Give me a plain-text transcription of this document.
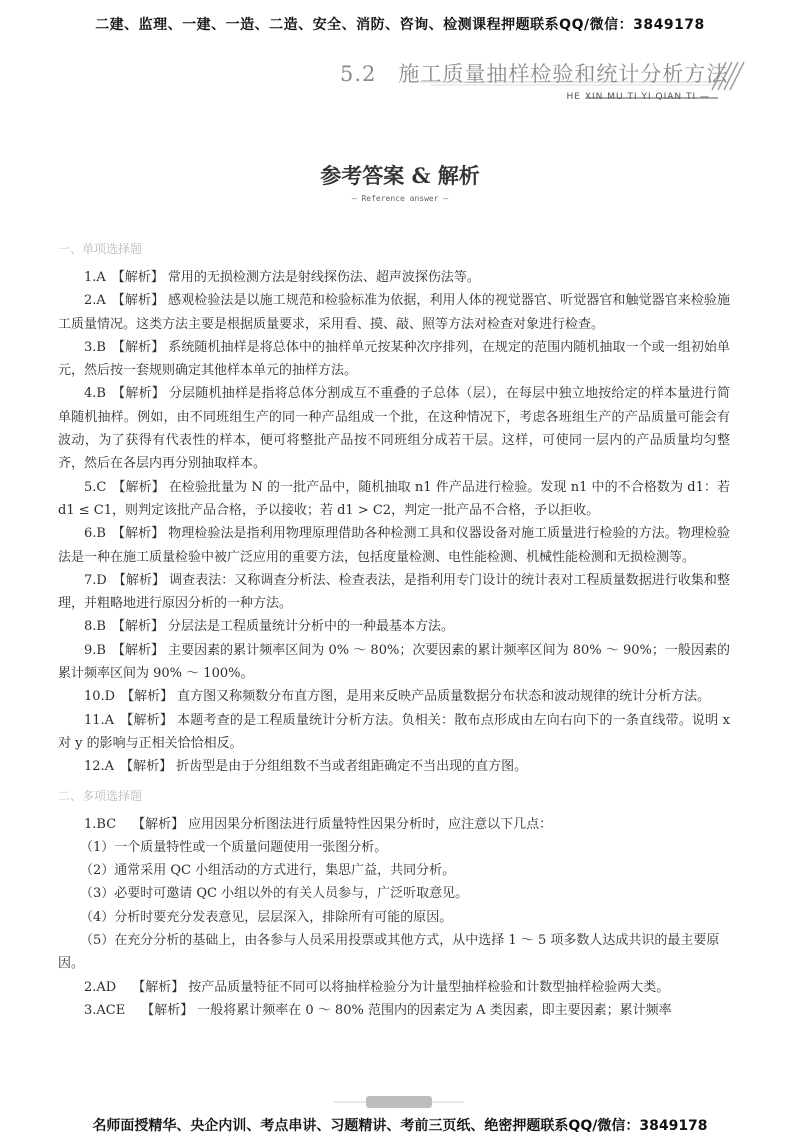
二建、监理、一建、一造、二造、安全、消防、咨询、检测课程押题联系QQ/微信：3849178
5.2　施工质量抽样检验和统计分析方法
HE XIN MU TI YI QIAN TI —
参考答案 & 解析
— Reference answer —
一、单项选择题

1.A 【解析】 常用的无损检测方法是射线探伤法、超声波探伤法等。

2.A 【解析】 感观检验法是以施工规范和检验标准为依据，利用人体的视觉器官、听觉器官和触觉器官来检验施工质量情况。这类方法主要是根据质量要求，采用看、摸、敲、照等方法对检查对象进行检查。

3.B 【解析】 系统随机抽样是将总体中的抽样单元按某种次序排列，在规定的范围内随机抽取一个或一组初始单元，然后按一套规则确定其他样本单元的抽样方法。

4.B 【解析】 分层随机抽样是指将总体分割成互不重叠的子总体（层），在每层中独立地按给定的样本量进行简单随机抽样。例如，由不同班组生产的同一种产品组成一个批，在这种情况下，考虑各班组生产的产品质量可能会有波动，为了获得有代表性的样本，便可将整批产品按不同班组分成若干层。这样，可使同一层内的产品质量均匀整齐，然后在各层内再分别抽取样本。

5.C 【解析】 在检验批量为 N 的一批产品中，随机抽取 n1 件产品进行检验。发现 n1 中的不合格数为 d1：若 d1 ≤ C1，则判定该批产品合格，予以接收；若 d1 > C2，判定一批产品不合格，予以拒收。

6.B 【解析】 物理检验法是指利用物理原理借助各种检测工具和仪器设备对施工质量进行检验的方法。物理检验法是一种在施工质量检验中被广泛应用的重要方法，包括度量检测、电性能检测、机械性能检测和无损检测等。

7.D 【解析】 调查表法：又称调查分析法、检查表法，是指利用专门设计的统计表对工程质量数据进行收集和整理，并粗略地进行原因分析的一种方法。

8.B 【解析】 分层法是工程质量统计分析中的一种最基本方法。

9.B 【解析】 主要因素的累计频率区间为 0% ～ 80%；次要因素的累计频率区间为 80% ～ 90%；一般因素的累计频率区间为 90% ～ 100%。

10.D 【解析】 直方图又称频数分布直方图，是用来反映产品质量数据分布状态和波动规律的统计分析方法。

11.A 【解析】 本题考查的是工程质量统计分析方法。负相关：散布点形成由左向右向下的一条直线带。说明 x 对 y 的影响与正相关恰恰相反。

12.A 【解析】 折齿型是由于分组组数不当或者组距确定不当出现的直方图。

二、多项选择题

1.BC 【解析】 应用因果分析图法进行质量特性因果分析时，应注意以下几点：

（1）一个质量特性或一个质量问题使用一张图分析。

（2）通常采用 QC 小组活动的方式进行，集思广益，共同分析。

（3）必要时可邀请 QC 小组以外的有关人员参与，广泛听取意见。

（4）分析时要充分发表意见，层层深入，排除所有可能的原因。

（5）在充分分析的基础上，由各参与人员采用投票或其他方式，从中选择 1 ～ 5 项多数人达成共识的最主要原因。

2.AD 【解析】 按产品质量特征不同可以将抽样检验分为计量型抽样检验和计数型抽样检验两大类。

3.ACE 【解析】 一般将累计频率在 0 ～ 80% 范围内的因素定为 A 类因素，即主要因素；累计频率

名师面授精华、央企内训、考点串讲、习题精讲、考前三页纸、绝密押题联系QQ/微信：3849178
